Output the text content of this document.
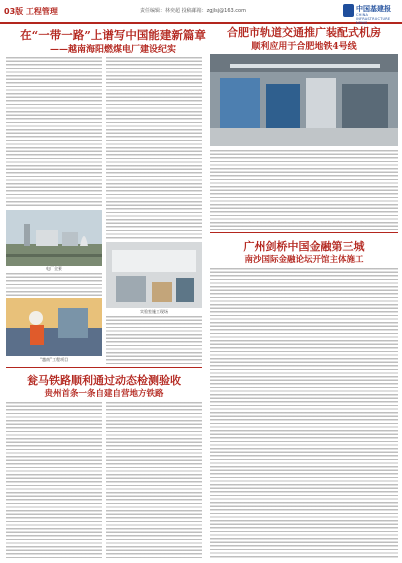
03版 工程管理	责任编辑：林奕超 投稿邮箱：zgjlsj@163.com	中国基建报
CHINA INFRASTRUCTURE NEWS
在“一带一路”上谱写中国能建新篇章
——越南海阳燃煤电厂建设纪实
电厂全景
“越南”工程项目
实验室施工现场
瓮马铁路顺利通过动态检测验收
贵州首条一条自建自营地方铁路
合肥市轨道交通推广装配式机房
顺利应用于合肥地铁4号线
广州剑桥中国金融第三城
南沙国际金融论坛开馆主体施工
